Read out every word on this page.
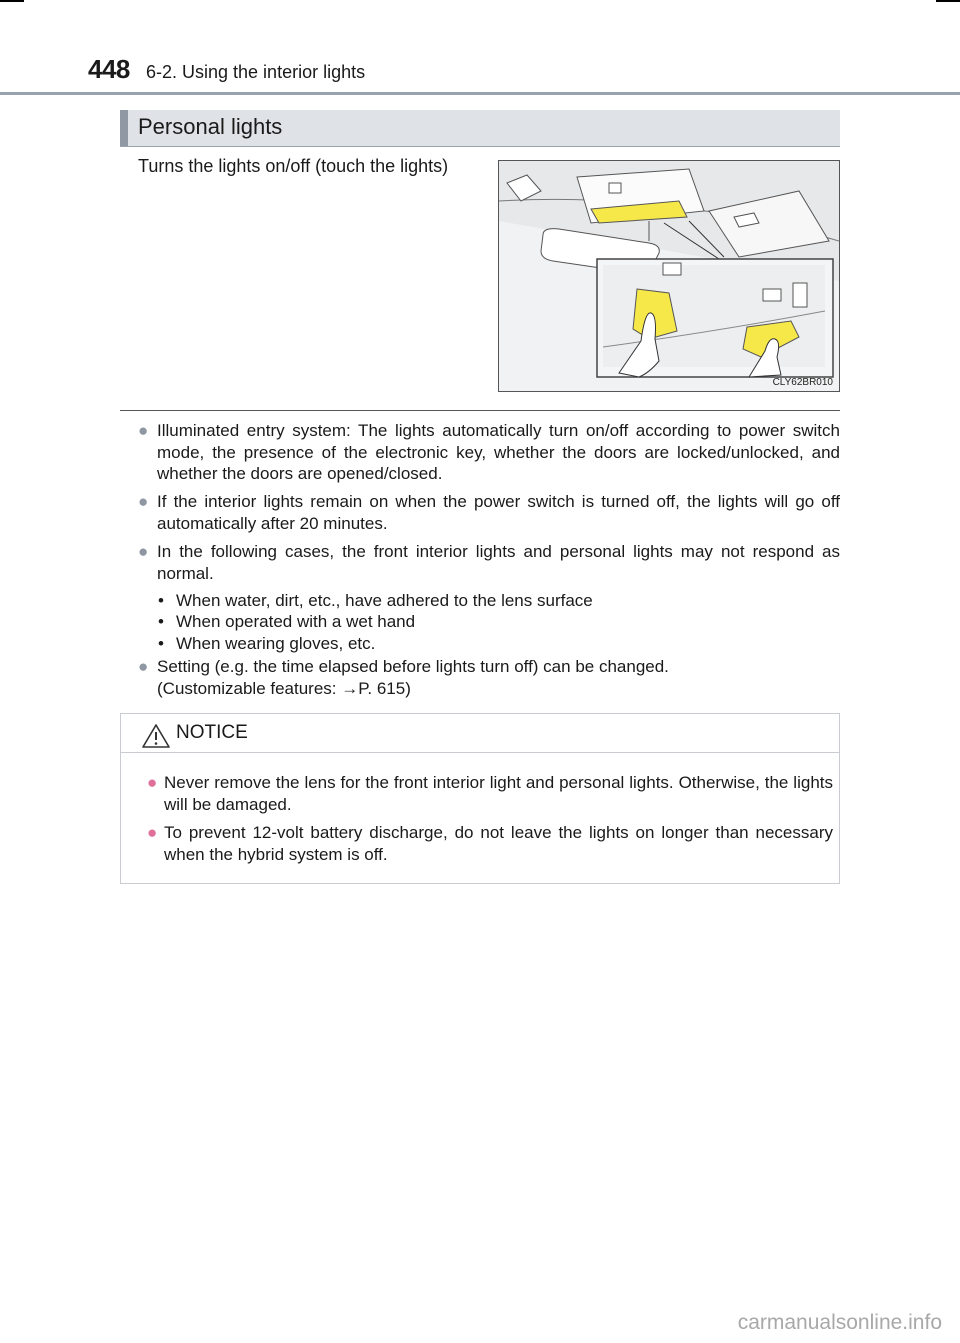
448 6-2. Using the interior lights
Personal lights
Turns the lights on/off (touch the lights)
CLY62BR010
● Illuminated entry system: The lights automatically turn on/off according to power switch mode, the presence of the electronic key, whether the doors are locked/unlocked, and whether the doors are opened/closed.
● If the interior lights remain on when the power switch is turned off, the lights will go off automatically after 20 minutes.
● In the following cases, the front interior lights and personal lights may not respond as normal.
• When water, dirt, etc., have adhered to the lens surface
• When operated with a wet hand
• When wearing gloves, etc.
● Setting (e.g. the time elapsed before lights turn off) can be changed.
(Customizable features: →P. 615)
NOTICE
● Never remove the lens for the front interior light and personal lights. Otherwise, the lights will be damaged.
● To prevent 12-volt battery discharge, do not leave the lights on longer than necessary when the hybrid system is off.
carmanualsonline.info
